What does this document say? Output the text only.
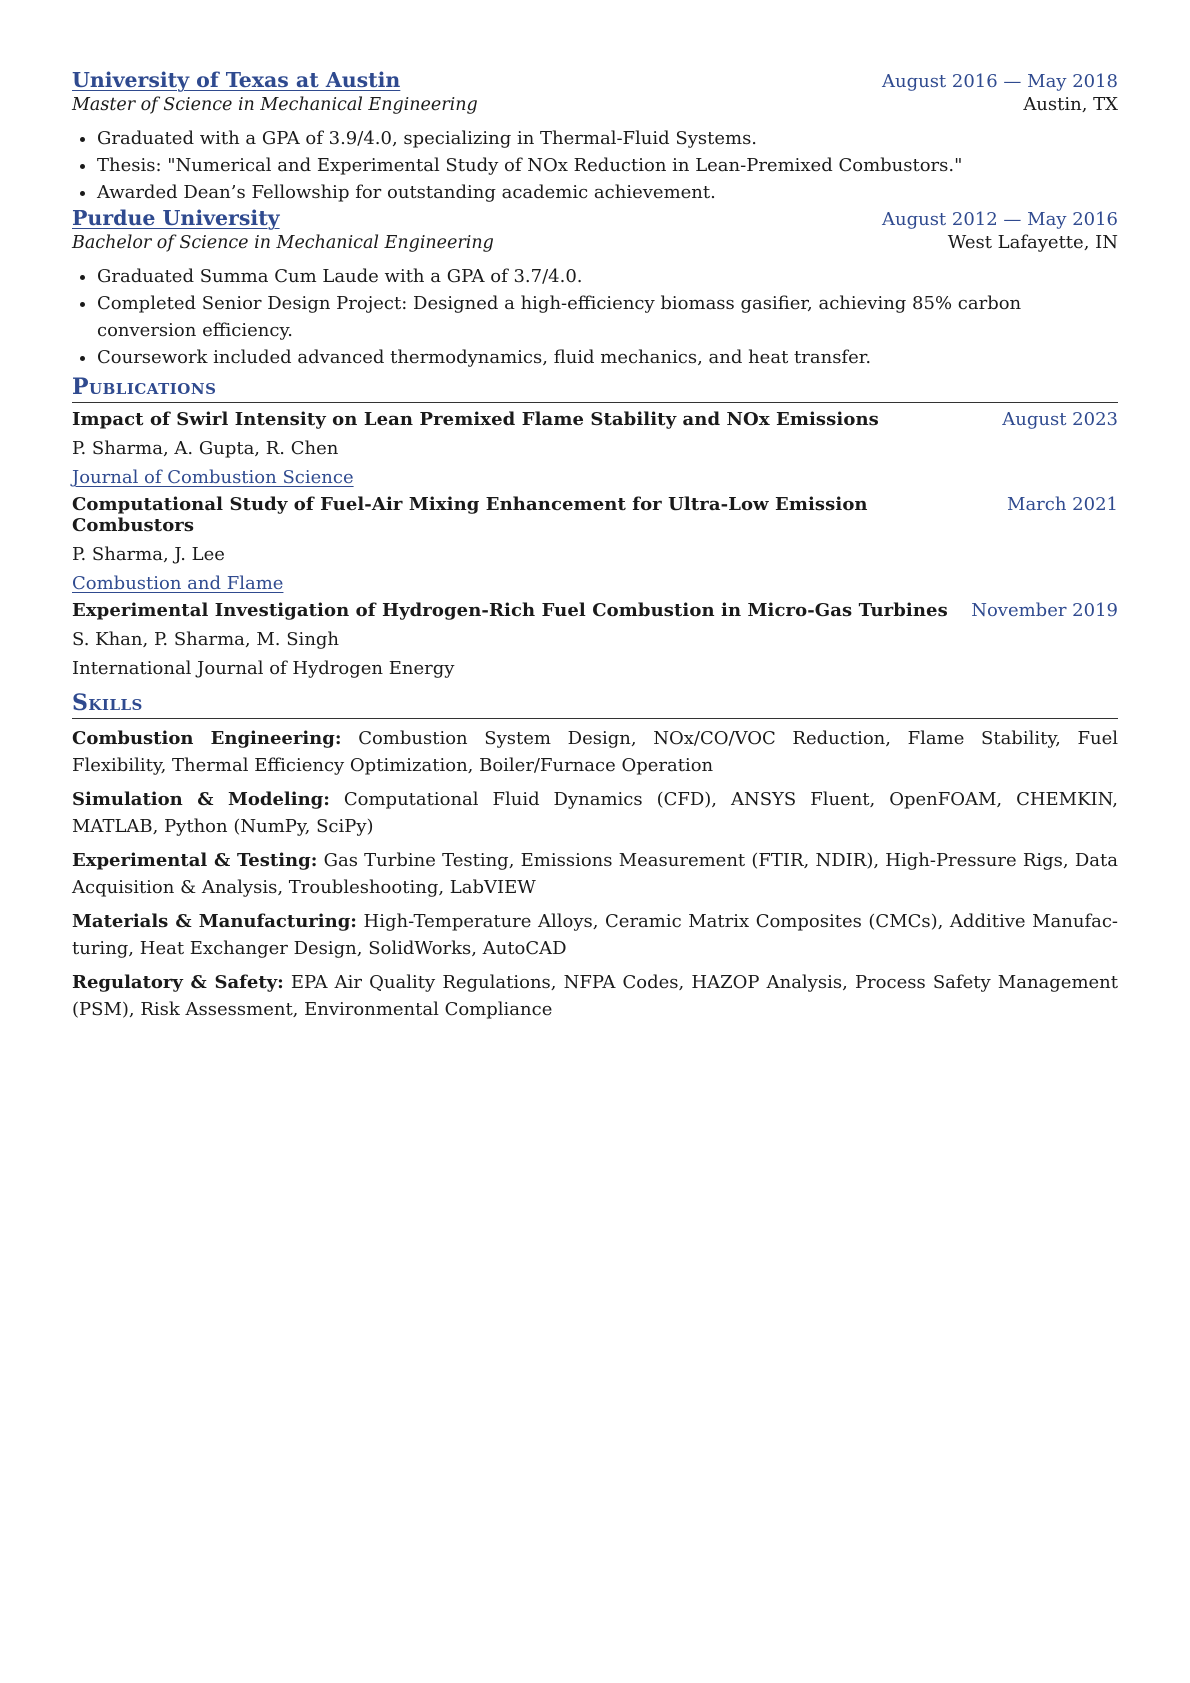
University of Texas at Austin	August 2016 — May 2018
Master of Science in Mechanical Engineering	Austin, TX
• Graduated with a GPA of 3.9/4.0, specializing in Thermal-Fluid Systems.
• Thesis: "Numerical and Experimental Study of NOx Reduction in Lean-Premixed Combustors."
• Awarded Dean’s Fellowship for outstanding academic achievement.
Purdue University	August 2012 — May 2016
Bachelor of Science in Mechanical Engineering	West Lafayette, IN
• Graduated Summa Cum Laude with a GPA of 3.7/4.0.
• Completed Senior Design Project: Designed a high-efficiency biomass gasifier, achieving 85% carbon conversion efficiency.
• Coursework included advanced thermodynamics, fluid mechanics, and heat transfer.
Publications
Impact of Swirl Intensity on Lean Premixed Flame Stability and NOx Emissions	August 2023
P. Sharma, A. Gupta, R. Chen
Journal of Combustion Science
Computational Study of Fuel-Air Mixing Enhancement for Ultra-Low Emission Combustors
March 2021
P. Sharma, J. Lee
Combustion and Flame
Experimental Investigation of Hydrogen-Rich Fuel Combustion in Micro-Gas Turbines November 2019
S. Khan, P. Sharma, M. Singh
International Journal of Hydrogen Energy
Skills
Combustion Engineering: Combustion System Design, NOx/CO/VOC Reduction, Flame Stability, Fuel Flexibility, Thermal Efficiency Optimization, Boiler/Furnace Operation
Simulation & Modeling: Computational Fluid Dynamics (CFD), ANSYS Fluent, OpenFOAM, CHEMKIN, MATLAB, Python (NumPy, SciPy)
Experimental & Testing: Gas Turbine Testing, Emissions Measurement (FTIR, NDIR), High-Pressure Rigs, Data Acquisition & Analysis, Troubleshooting, LabVIEW
Materials & Manufacturing: High-Temperature Alloys, Ceramic Matrix Composites (CMCs), Additive Manufac-turing, Heat Exchanger Design, SolidWorks, AutoCAD
Regulatory & Safety: EPA Air Quality Regulations, NFPA Codes, HAZOP Analysis, Process Safety Management (PSM), Risk Assessment, Environmental Compliance
